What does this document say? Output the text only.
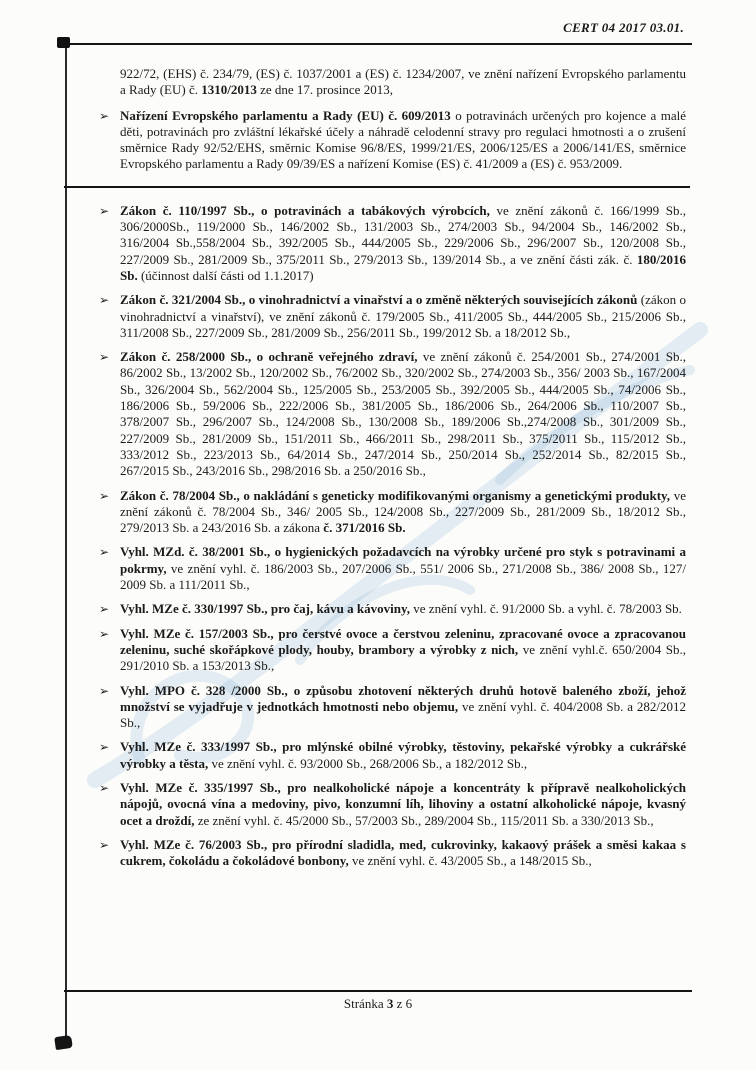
CERT 04 2017 03.01.

922/72, (EHS) č. 234/79, (ES) č. 1037/2001 a (ES) č. 1234/2007, ve znění nařízení Evropského parlamentu a Rady (EU) č. 1310/2013 ze dne 17. prosince 2013,

➢ Nařízení Evropského parlamentu a Rady (EU) č. 609/2013 o potravinách určených pro kojence a malé děti, potravinách pro zvláštní lékařské účely a náhradě celodenní stravy pro regulaci hmotnosti a o zrušení směrnice Rady 92/52/EHS, směrnic Komise 96/8/ES, 1999/21/ES, 2006/125/ES a 2006/141/ES, směrnice Evropského parlamentu a Rady 09/39/ES a nařízení Komise (ES) č. 41/2009 a (ES) č. 953/2009.
➢ Zákon č. 110/1997 Sb., o potravinách a tabákových výrobcích, ve znění zákonů č. 166/1999 Sb., 306/2000Sb., 119/2000 Sb., 146/2002 Sb., 131/2003 Sb., 274/2003 Sb., 94/2004 Sb., 146/2002 Sb., 316/2004 Sb.,558/2004 Sb., 392/2005 Sb., 444/2005 Sb., 229/2006 Sb., 296/2007 Sb., 120/2008 Sb., 227/2009 Sb., 281/2009 Sb., 375/2011 Sb., 279/2013 Sb., 139/2014 Sb., a ve znění části zák. č. 180/2016 Sb. (účinnost další části od 1.1.2017)
➢ Zákon č. 321/2004 Sb., o vinohradnictví a vinařství a o změně některých souvisejících zákonů (zákon o vinohradnictví a vinařství), ve znění zákonů č. 179/2005 Sb., 411/2005 Sb., 444/2005 Sb., 215/2006 Sb., 311/2008 Sb., 227/2009 Sb., 281/2009 Sb., 256/2011 Sb., 199/2012 Sb. a 18/2012 Sb.,
➢ Zákon č. 258/2000 Sb., o ochraně veřejného zdraví, ve znění zákonů č. 254/2001 Sb., 274/2001 Sb., 86/2002 Sb., 13/2002 Sb., 120/2002 Sb., 76/2002 Sb., 320/2002 Sb., 274/2003 Sb., 356/ 2003 Sb., 167/2004 Sb., 326/2004 Sb., 562/2004 Sb., 125/2005 Sb., 253/2005 Sb., 392/2005 Sb., 444/2005 Sb., 74/2006 Sb., 186/2006 Sb., 59/2006 Sb., 222/2006 Sb., 381/2005 Sb., 186/2006 Sb., 264/2006 Sb., 110/2007 Sb., 378/2007 Sb., 296/2007 Sb., 124/2008 Sb., 130/2008 Sb., 189/2006 Sb.,274/2008 Sb., 301/2009 Sb., 227/2009 Sb., 281/2009 Sb., 151/2011 Sb., 466/2011 Sb., 298/2011 Sb., 375/2011 Sb., 115/2012 Sb., 333/2012 Sb., 223/2013 Sb., 64/2014 Sb., 247/2014 Sb., 250/2014 Sb., 252/2014 Sb., 82/2015 Sb., 267/2015 Sb., 243/2016 Sb., 298/2016 Sb. a 250/2016 Sb.,
➢ Zákon č. 78/2004 Sb., o nakládání s geneticky modifikovanými organismy a genetickými produkty, ve znění zákonů č. 78/2004 Sb., 346/ 2005 Sb., 124/2008 Sb., 227/2009 Sb., 281/2009 Sb., 18/2012 Sb., 279/2013 Sb. a 243/2016 Sb. a zákona č. 371/2016 Sb.
➢ Vyhl. MZd. č. 38/2001 Sb., o hygienických požadavcích na výrobky určené pro styk s potravinami a pokrmy, ve znění vyhl. č. 186/2003 Sb., 207/2006 Sb., 551/ 2006 Sb., 271/2008 Sb., 386/ 2008 Sb., 127/ 2009 Sb. a 111/2011 Sb.,
➢ Vyhl. MZe č. 330/1997 Sb., pro čaj, kávu a kávoviny, ve znění vyhl. č. 91/2000 Sb. a vyhl. č. 78/2003 Sb.
➢ Vyhl. MZe č. 157/2003 Sb., pro čerstvé ovoce a čerstvou zeleninu, zpracované ovoce a zpracovanou zeleninu, suché skořápkové plody, houby, brambory a výrobky z nich, ve znění vyhl.č. 650/2004 Sb., 291/2010 Sb. a 153/2013 Sb.,
➢ Vyhl. MPO č. 328 /2000 Sb., o způsobu zhotovení některých druhů hotově baleného zboží, jehož množství se vyjadřuje v jednotkách hmotnosti nebo objemu, ve znění vyhl. č. 404/2008 Sb. a 282/2012 Sb.,
➢ Vyhl. MZe č. 333/1997 Sb., pro mlýnské obilné výrobky, těstoviny, pekařské výrobky a cukrářské výrobky a těsta, ve znění vyhl. č. 93/2000 Sb., 268/2006 Sb., a 182/2012 Sb.,
➢ Vyhl. MZe č. 335/1997 Sb., pro nealkoholické nápoje a koncentráty k přípravě nealkoholických nápojů, ovocná vína a medoviny, pivo, konzumní líh, lihoviny a ostatní alkoholické nápoje, kvasný ocet a droždí, ze znění vyhl. č. 45/2000 Sb., 57/2003 Sb., 289/2004 Sb., 115/2011 Sb. a 330/2013 Sb.,
➢ Vyhl. MZe č. 76/2003 Sb., pro přírodní sladidla, med, cukrovinky, kakaový prášek a směsi kakaa s cukrem, čokoládu a čokoládové bonbony, ve znění vyhl. č. 43/2005 Sb., a 148/2015 Sb.,
Stránka 3 z 6
